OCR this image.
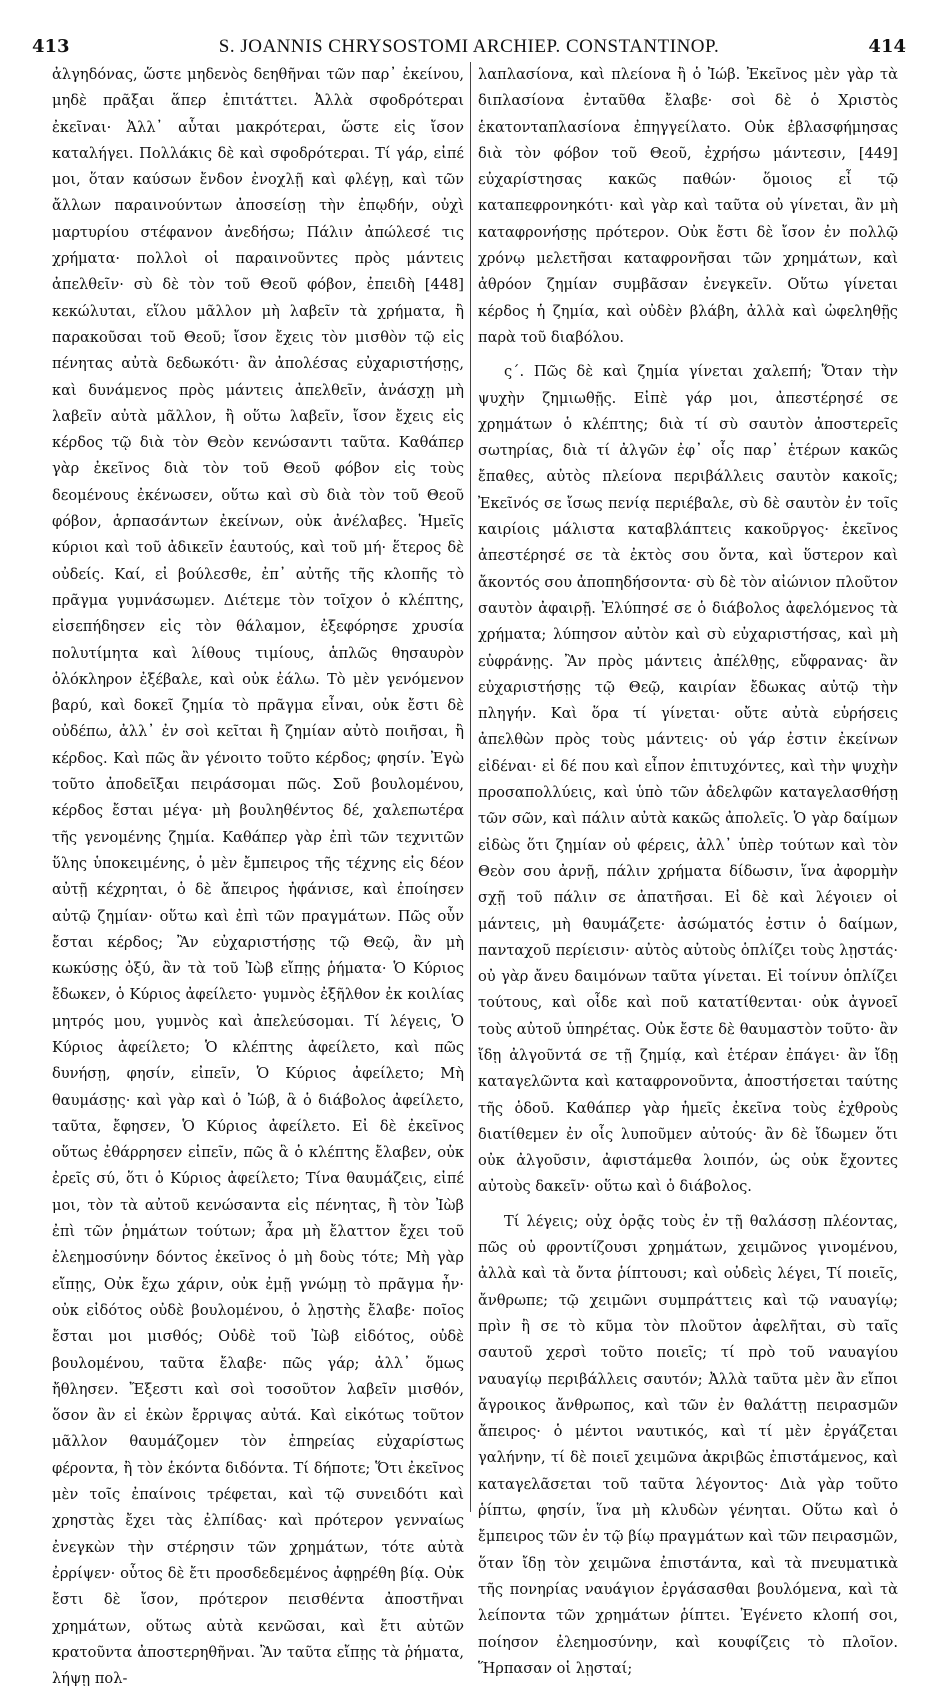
413	S. JOANNIS CHRYSOSTOMI ARCHIEP. CONSTANTINOP.	414

ἀλγηδόνας, ὥστε μηδενὸς δεηθῆναι τῶν παρ᾽ ἐκείνου, μηδὲ πρᾶξαι ἅπερ ἐπιτάττει. Ἀλλὰ σφοδρότεραι ἐκεῖναι· Ἀλλ᾽ αὗται μακρότεραι, ὥστε εἰς ἴσον καταλήγει. Πολλάκις δὲ καὶ σφοδρότεραι. Τί γάρ, εἰπέ μοι, ὅταν καύσων ἔνδον ἐνοχλῇ καὶ φλέγῃ, καὶ τῶν ἄλλων παραινούντων ἀποσείσῃ τὴν ἐπῳδήν, οὐχὶ μαρτυρίου στέφανον ἀνεδήσω; Πάλιν ἀπώλεσέ τις χρήματα· πολλοὶ οἱ παραινοῦντες πρὸς μάντεις ἀπελθεῖν· σὺ δὲ τὸν τοῦ Θεοῦ φόβον, ἐπειδὴ [448] κεκώλυται, εἵλου μᾶλλον μὴ λαβεῖν τὰ χρήματα, ἢ παρακοῦσαι τοῦ Θεοῦ; ἴσον ἔχεις τὸν μισθὸν τῷ εἰς πένητας αὐτὰ δεδωκότι· ἂν ἀπολέσας εὐχαριστήσῃς, καὶ δυνάμενος πρὸς μάντεις ἀπελθεῖν, ἀνάσχῃ μὴ λαβεῖν αὐτὰ μᾶλλον, ἢ οὕτω λαβεῖν, ἴσον ἔχεις εἰς κέρδος τῷ διὰ τὸν Θεὸν κενώσαντι ταῦτα. Καθάπερ γὰρ ἐκεῖνος διὰ τὸν τοῦ Θεοῦ φόβον εἰς τοὺς δεομένους ἐκένωσεν, οὕτω καὶ σὺ διὰ τὸν τοῦ Θεοῦ φόβον, ἁρπασάντων ἐκείνων, οὐκ ἀνέλαβες. Ἡμεῖς κύριοι καὶ τοῦ ἀδικεῖν ἑαυτούς, καὶ τοῦ μή· ἕτερος δὲ οὐδείς. Καί, εἰ βούλεσθε, ἐπ᾽ αὐτῆς τῆς κλοπῆς τὸ πρᾶγμα γυμνάσωμεν. Διέτεμε τὸν τοῖχον ὁ κλέπτης, εἰσεπήδησεν εἰς τὸν θάλαμον, ἐξεφόρησε χρυσία πολυτίμητα καὶ λίθους τιμίους, ἁπλῶς θησαυρὸν ὁλόκληρον ἐξέβαλε, καὶ οὐκ ἐάλω. Τὸ μὲν γενόμενον βαρύ, καὶ δοκεῖ ζημία τὸ πρᾶγμα εἶναι, οὐκ ἔστι δὲ οὐδέπω, ἀλλ᾽ ἐν σοὶ κεῖται ἢ ζημίαν αὐτὸ ποιῆσαι, ἢ κέρδος. Καὶ πῶς ἂν γένοιτο τοῦτο κέρδος; φησίν. Ἐγὼ τοῦτο ἀποδεῖξαι πειράσομαι πῶς. Σοῦ βουλομένου, κέρδος ἔσται μέγα· μὴ βουληθέντος δέ, χαλεπωτέρα τῆς γενομένης ζημία. Καθάπερ γὰρ ἐπὶ τῶν τεχνιτῶν ὕλης ὑποκειμένης, ὁ μὲν ἔμπειρος τῆς τέχνης εἰς δέον αὐτῇ κέχρηται, ὁ δὲ ἄπειρος ἠφάνισε, καὶ ἐποίησεν αὐτῷ ζημίαν· οὕτω καὶ ἐπὶ τῶν πραγμάτων. Πῶς οὖν ἔσται κέρδος; Ἂν εὐχαριστήσῃς τῷ Θεῷ, ἂν μὴ κωκύσῃς ὀξύ, ἂν τὰ τοῦ Ἰὼβ εἴπῃς ῥήματα· Ὁ Κύριος ἔδωκεν, ὁ Κύριος ἀφείλετο· γυμνὸς ἐξῆλθον ἐκ κοιλίας μητρός μου, γυμνὸς καὶ ἀπελεύσομαι. Τί λέγεις, Ὁ Κύριος ἀφείλετο; Ὁ κλέπτης ἀφείλετο, καὶ πῶς δυνήσῃ, φησίν, εἰπεῖν, Ὁ Κύριος ἀφείλετο; Μὴ θαυμάσῃς· καὶ γὰρ καὶ ὁ Ἰώβ, ἃ ὁ διάβολος ἀφείλετο, ταῦτα, ἔφησεν, Ὁ Κύριος ἀφείλετο. Εἰ δὲ ἐκεῖνος οὕτως ἐθάρρησεν εἰπεῖν, πῶς ἃ ὁ κλέπτης ἔλαβεν, οὐκ ἐρεῖς σύ, ὅτι ὁ Κύριος ἀφείλετο; Τίνα θαυμάζεις, εἰπέ μοι, τὸν τὰ αὐτοῦ κενώσαντα εἰς πένητας, ἢ τὸν Ἰὼβ ἐπὶ τῶν ῥημάτων τούτων; ἆρα μὴ ἔλαττον ἔχει τοῦ ἐλεημοσύνην δόντος ἐκεῖνος ὁ μὴ δοὺς τότε; Μὴ γὰρ εἴπῃς, Οὐκ ἔχω χάριν, οὐκ ἐμῇ γνώμῃ τὸ πρᾶγμα ἦν· οὐκ εἰδότος οὐδὲ βουλομένου, ὁ λῃστὴς ἔλαβε· ποῖος ἔσται μοι μισθός; Οὐδὲ τοῦ Ἰὼβ εἰδότος, οὐδὲ βουλομένου, ταῦτα ἔλαβε· πῶς γάρ; ἀλλ᾽ ὅμως ἤθλησεν. Ἔξεστι καὶ σοὶ τοσοῦτον λαβεῖν μισθόν, ὅσον ἂν εἰ ἑκὼν ἔρριψας αὐτά. Καὶ εἰκότως τοῦτον μᾶλλον θαυμάζομεν τὸν ἐπηρείας εὐχαρίστως φέροντα, ἢ τὸν ἑκόντα διδόντα. Τί δήποτε; Ὅτι ἐκεῖνος μὲν τοῖς ἐπαίνοις τρέφεται, καὶ τῷ συνειδότι καὶ χρηστὰς ἔχει τὰς ἐλπίδας· καὶ πρότερον γενναίως ἐνεγκὼν τὴν στέρησιν τῶν χρημάτων, τότε αὐτὰ ἐρρίψεν· οὗτος δὲ ἔτι προσδεδεμένος ἀφῃρέθη βίᾳ. Οὐκ ἔστι δὲ ἴσον, πρότερον πεισθέντα ἀποστῆναι χρημάτων, οὕτως αὐτὰ κενῶσαι, καὶ ἔτι αὐτῶν κρατοῦντα ἀποστερηθῆναι. Ἂν ταῦτα εἴπῃς τὰ ῥήματα, λήψῃ πολ-

λαπλασίονα, καὶ πλείονα ἢ ὁ Ἰώβ. Ἐκεῖνος μὲν γὰρ τὰ διπλασίονα ἐνταῦθα ἔλαβε· σοὶ δὲ ὁ Χριστὸς ἑκατονταπλασίονα ἐπηγγείλατο. Οὐκ ἐβλασφήμησας διὰ τὸν φόβον τοῦ Θεοῦ, ἐχρήσω μάντεσιν, [449] εὐχαρίστησας κακῶς παθών· ὅμοιος εἶ τῷ καταπεφρονηκότι· καὶ γὰρ καὶ ταῦτα οὐ γίνεται, ἂν μὴ καταφρονήσῃς πρότερον. Οὐκ ἔστι δὲ ἴσον ἐν πολλῷ χρόνῳ μελετῆσαι καταφρονῆσαι τῶν χρημάτων, καὶ ἀθρόον ζημίαν συμβᾶσαν ἐνεγκεῖν. Οὕτω γίνεται κέρδος ἡ ζημία, καὶ οὐδὲν βλάβη, ἀλλὰ καὶ ὠφεληθῇς παρὰ τοῦ διαβόλου.

ς´. Πῶς δὲ καὶ ζημία γίνεται χαλεπή; Ὅταν τὴν ψυχὴν ζημιωθῇς. Εἰπὲ γάρ μοι, ἀπεστέρησέ σε χρημάτων ὁ κλέπτης; διὰ τί σὺ σαυτὸν ἀποστερεῖς σωτηρίας, διὰ τί ἀλγῶν ἐφ᾽ οἷς παρ᾽ ἑτέρων κακῶς ἔπαθες, αὐτὸς πλείονα περιβάλλεις σαυτὸν κακοῖς; Ἐκεῖνός σε ἴσως πενίᾳ περιέβαλε, σὺ δὲ σαυτὸν ἐν τοῖς καιρίοις μάλιστα καταβλάπτεις κακοῦργος· ἐκεῖνος ἀπεστέρησέ σε τὰ ἐκτὸς σου ὄντα, καὶ ὕστερον καὶ ἄκοντός σου ἀποπηδήσοντα· σὺ δὲ τὸν αἰώνιον πλοῦτον σαυτὸν ἀφαιρῇ. Ἐλύπησέ σε ὁ διάβολος ἀφελόμενος τὰ χρήματα; λύπησον αὐτὸν καὶ σὺ εὐχαριστήσας, καὶ μὴ εὐφράνῃς. Ἂν πρὸς μάντεις ἀπέλθῃς, εὔφρανας· ἂν εὐχαριστήσῃς τῷ Θεῷ, καιρίαν ἔδωκας αὐτῷ τὴν πληγήν. Καὶ ὅρα τί γίνεται· οὔτε αὐτὰ εὑρήσεις ἀπελθὼν πρὸς τοὺς μάντεις· οὐ γάρ ἐστιν ἐκείνων εἰδέναι· εἰ δέ που καὶ εἶπον ἐπιτυχόντες, καὶ τὴν ψυχὴν προσαπολλύεις, καὶ ὑπὸ τῶν ἀδελφῶν καταγελασθήσῃ τῶν σῶν, καὶ πάλιν αὐτὰ κακῶς ἀπολεῖς. Ὁ γὰρ δαίμων εἰδὼς ὅτι ζημίαν οὐ φέρεις, ἀλλ᾽ ὑπὲρ τούτων καὶ τὸν Θεὸν σου ἀρνῇ, πάλιν χρήματα δίδωσιν, ἵνα ἀφορμὴν σχῇ τοῦ πάλιν σε ἀπατῆσαι. Εἰ δὲ καὶ λέγοιεν οἱ μάντεις, μὴ θαυμάζετε· ἀσώματός ἐστιν ὁ δαίμων, πανταχοῦ περίεισιν· αὐτὸς αὐτοὺς ὁπλίζει τοὺς λῃστάς· οὐ γὰρ ἄνευ δαιμόνων ταῦτα γίνεται. Εἰ τοίνυν ὁπλίζει τούτους, καὶ οἶδε καὶ ποῦ κατατίθενται· οὐκ ἀγνοεῖ τοὺς αὐτοῦ ὑπηρέτας. Οὐκ ἔστε δὲ θαυμαστὸν τοῦτο· ἂν ἴδῃ ἀλγοῦντά σε τῇ ζημίᾳ, καὶ ἑτέραν ἐπάγει· ἂν ἴδῃ καταγελῶντα καὶ καταφρονοῦντα, ἀποστήσεται ταύτης τῆς ὁδοῦ. Καθάπερ γὰρ ἡμεῖς ἐκεῖνα τοὺς ἐχθροὺς διατίθεμεν ἐν οἷς λυποῦμεν αὐτούς· ἂν δὲ ἴδωμεν ὅτι οὐκ ἀλγοῦσιν, ἀφιστάμεθα λοιπόν, ὡς οὐκ ἔχοντες αὐτοὺς δακεῖν· οὕτω καὶ ὁ διάβολος.

Τί λέγεις; οὐχ ὁρᾷς τοὺς ἐν τῇ θαλάσσῃ πλέοντας, πῶς οὐ φροντίζουσι χρημάτων, χειμῶνος γινομένου, ἀλλὰ καὶ τὰ ὄντα ῥίπτουσι; καὶ οὐδεὶς λέγει, Τί ποιεῖς, ἄνθρωπε; τῷ χειμῶνι συμπράττεις καὶ τῷ ναυαγίῳ; πρὶν ἢ σε τὸ κῦμα τὸν πλοῦτον ἀφελῆται, σὺ ταῖς σαυτοῦ χερσὶ τοῦτο ποιεῖς; τί πρὸ τοῦ ναυαγίου ναυαγίῳ περιβάλλεις σαυτόν; Ἀλλὰ ταῦτα μὲν ἂν εἴποι ἄγροικος ἄνθρωπος, καὶ τῶν ἐν θαλάττῃ πειρασμῶν ἄπειρος· ὁ μέντοι ναυτικός, καὶ τί μὲν ἐργάζεται γαλήνην, τί δὲ ποιεῖ χειμῶνα ἀκριβῶς ἐπιστάμενος, καὶ καταγελᾶσεται τοῦ ταῦτα λέγοντος· Διὰ γὰρ τοῦτο ῥίπτω, φησίν, ἵνα μὴ κλυδὼν γένηται. Οὕτω καὶ ὁ ἔμπειρος τῶν ἐν τῷ βίῳ πραγμάτων καὶ τῶν πειρασμῶν, ὅταν ἴδῃ τὸν χειμῶνα ἐπιστάντα, καὶ τὰ πνευματικὰ τῆς πονηρίας ναυάγιον ἐργάσασθαι βουλόμενα, καὶ τὰ λείποντα τῶν χρημάτων ῥίπτει. Ἐγένετο κλοπή σοι, ποίησον ἐλεημοσύνην, καὶ κουφίζεις τὸ πλοῖον. Ἥρπασαν οἱ λῃσταί;
